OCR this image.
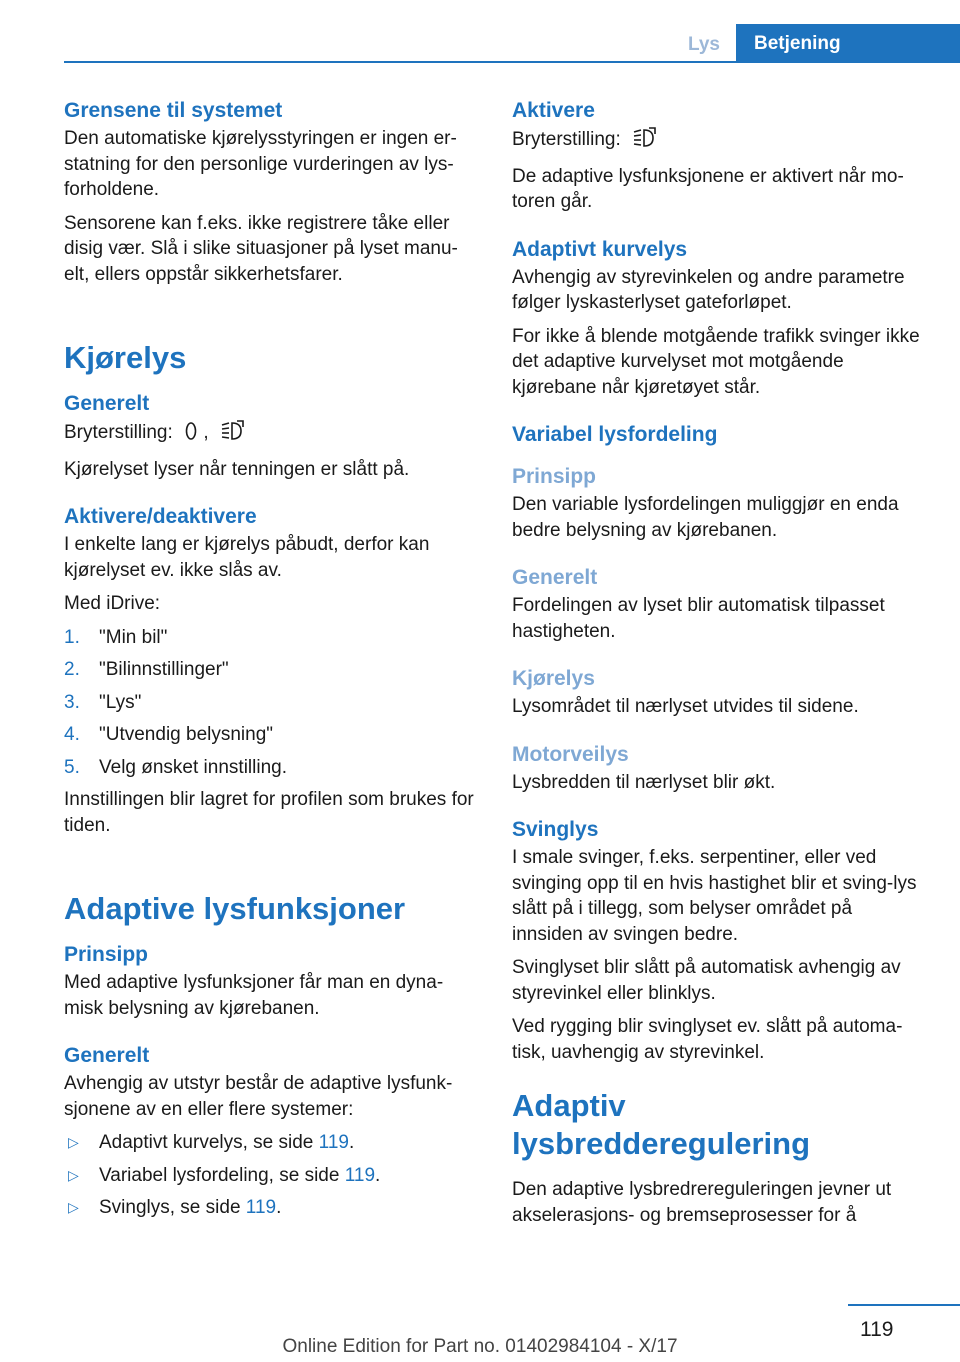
Lys	Betjening
Grensene til systemet

Den automatiske kjørelysstyringen er ingen er-statning for den personlige vurderingen av lys-forholdene.

Sensorene kan f.eks. ikke registrere tåke eller disig vær. Slå i slike situasjoner på lyset manu-elt, ellers oppstår sikkerhetsfarer.

Kjørelys
Generelt

Bryterstilling: ,

Kjørelyset lyser når tenningen er slått på.

Aktivere/deaktivere

I enkelte lang er kjørelys påbudt, derfor kan kjørelyset ev. ikke slås av.

Med iDrive:

1. "Min bil"
2. "Bilinnstillinger"
3. "Lys"
4. "Utvendig belysning"
5. Velg ønsket innstilling.

Innstillingen blir lagret for profilen som brukes for tiden.

Adaptive lysfunksjoner
Prinsipp

Med adaptive lysfunksjoner får man en dyna-misk belysning av kjørebanen.

Generelt

Avhengig av utstyr består de adaptive lysfunk-sjonene av en eller flere systemer:

▷ Adaptivt kurvelys, se side 119.
▷ Variabel lysfordeling, se side 119.
▷ Svinglys, se side 119.
Aktivere

Bryterstilling:

De adaptive lysfunksjonene er aktivert når mo-toren går.

Adaptivt kurvelys

Avhengig av styrevinkelen og andre parametre følger lyskasterlyset gateforløpet.

For ikke å blende motgående trafikk svinger ikke det adaptive kurvelyset mot motgående kjørebane når kjøretøyet står.

Variabel lysfordeling
Prinsipp

Den variable lysfordelingen muliggjør en enda bedre belysning av kjørebanen.

Generelt

Fordelingen av lyset blir automatisk tilpasset hastigheten.

Kjørelys

Lysområdet til nærlyset utvides til sidene.

Motorveilys

Lysbredden til nærlyset blir økt.

Svinglys

I smale svinger, f.eks. serpentiner, eller ved svinging opp til en hvis hastighet blir et sving-lys slått på i tillegg, som belyser området på innsiden av svingen bedre.

Svinglyset blir slått på automatisk avhengig av styrevinkel eller blinklys.

Ved rygging blir svinglyset ev. slått på automa-tisk, uavhengig av styrevinkel.

Adaptiv lysbredderegulering

Den adaptive lysbredrereguleringen jevner ut akselerasjons- og bremseprosesser for å

119
Online Edition for Part no. 01402984104 - X/17
